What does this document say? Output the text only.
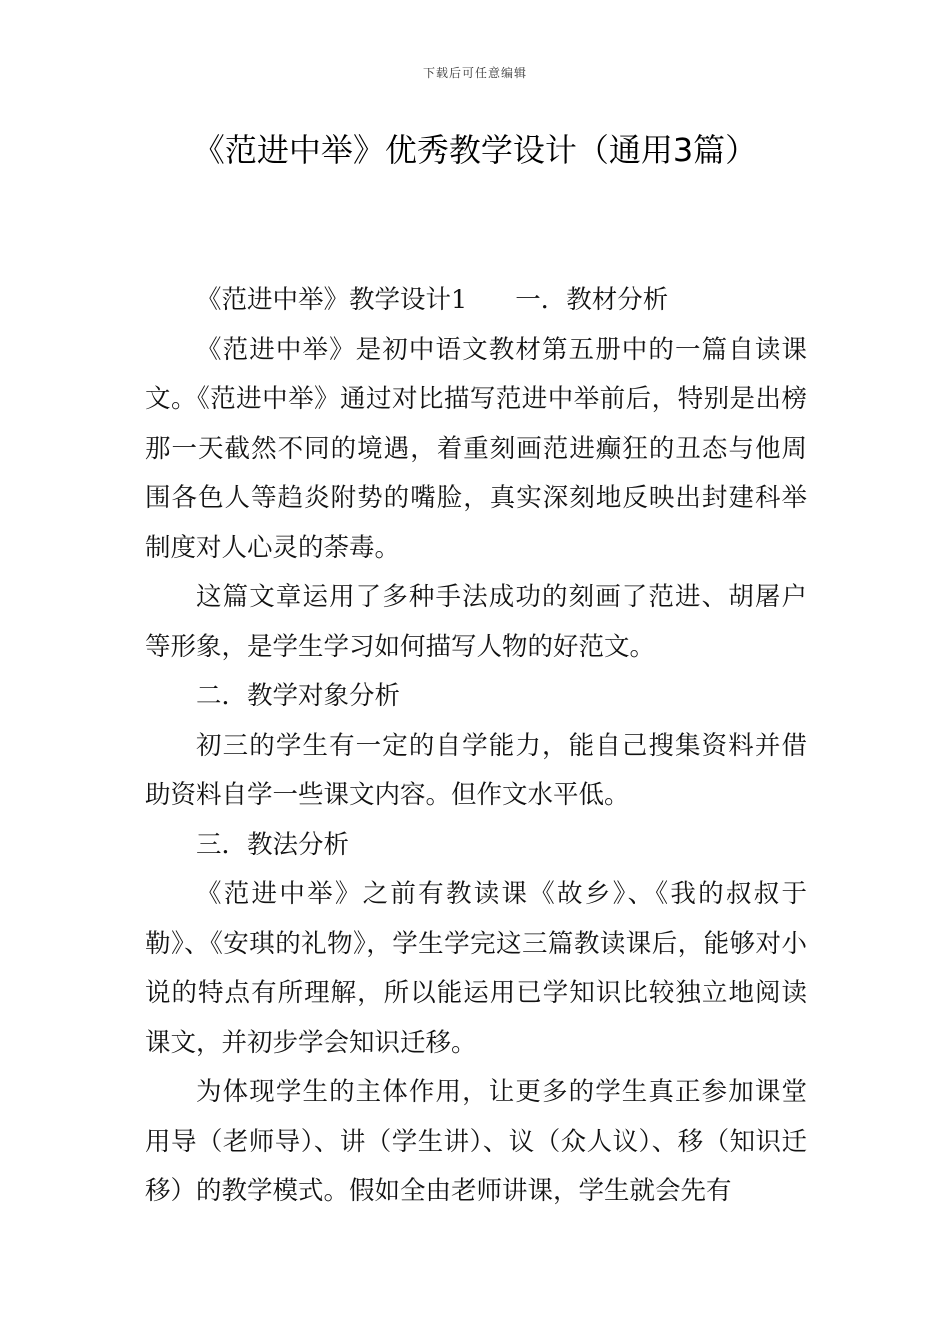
下载后可任意编辑
《范进中举》优秀教学设计（通用3篇）

《范进中举》教学设计1 一．教材分析

《范进中举》是初中语文教材第五册中的一篇自读课文。《范进中举》通过对比描写范进中举前后，特别是出榜那一天截然不同的境遇，着重刻画范进癫狂的丑态与他周围各色人等趋炎附势的嘴脸，真实深刻地反映出封建科举制度对人心灵的荼毒。

这篇文章运用了多种手法成功的刻画了范进、胡屠户等形象，是学生学习如何描写人物的好范文。

二．教学对象分析

初三的学生有一定的自学能力，能自己搜集资料并借助资料自学一些课文内容。但作文水平低。

三．教法分析

《范进中举》之前有教读课《故乡》、《我的叔叔于勒》、《安琪的礼物》，学生学完这三篇教读课后，能够对小说的特点有所理解，所以能运用已学知识比较独立地阅读课文，并初步学会知识迁移。

为体现学生的主体作用，让更多的学生真正参加课堂用导（老师导）、讲（学生讲）、议（众人议）、移（知识迁移）的教学模式。假如全由老师讲课，学生就会先有
